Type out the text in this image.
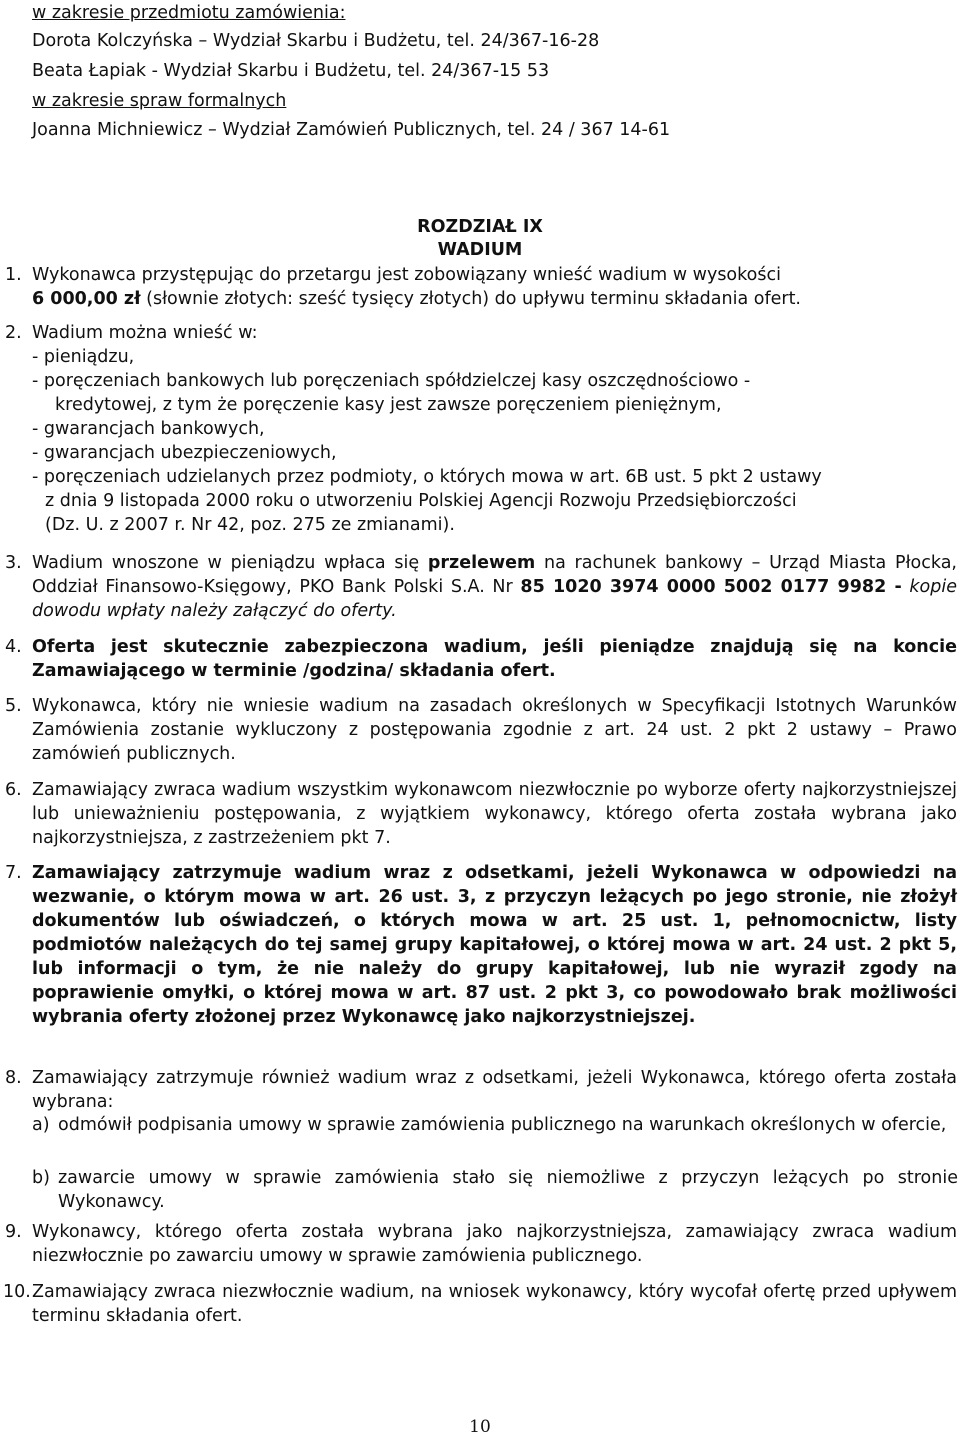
w zakresie przedmiotu zamówienia:
Dorota Kolczyńska – Wydział Skarbu i Budżetu, tel. 24/367-16-28
Beata Łapiak - Wydział Skarbu i Budżetu, tel. 24/367-15 53
w zakresie spraw formalnych
Joanna Michniewicz – Wydział Zamówień Publicznych, tel. 24 / 367 14-61
ROZDZIAŁ IX
WADIUM
1. Wykonawca przystępując do przetargu jest zobowiązany wnieść wadium w wysokości
6 000,00 zł (słownie złotych: sześć tysięcy złotych) do upływu terminu składania ofert.
2. Wadium można wnieść w:
- pieniądzu,
- poręczeniach bankowych lub poręczeniach spółdzielczej kasy oszczędnościowo -
kredytowej, z tym że poręczenie kasy jest zawsze poręczeniem pieniężnym,
- gwarancjach bankowych,
- gwarancjach ubezpieczeniowych,
- poręczeniach udzielanych przez podmioty, o których mowa w art. 6B ust. 5 pkt 2 ustawy
z dnia 9 listopada 2000 roku o utworzeniu Polskiej Agencji Rozwoju Przedsiębiorczości
(Dz. U. z 2007 r. Nr 42, poz. 275 ze zmianami).
3. Wadium wnoszone w pieniądzu wpłaca się przelewem na rachunek bankowy – Urząd Miasta Płocka, Oddział Finansowo-Księgowy, PKO Bank Polski S.A. Nr 85 1020 3974 0000 5002 0177 9982 - kopie dowodu wpłaty należy załączyć do oferty.
4. Oferta jest skutecznie zabezpieczona wadium, jeśli pieniądze znajdują się na koncie Zamawiającego w terminie /godzina/ składania ofert.
5. Wykonawca, który nie wniesie wadium na zasadach określonych w Specyfikacji Istotnych Warunków Zamówienia zostanie wykluczony z postępowania zgodnie z art. 24 ust. 2 pkt 2 ustawy – Prawo zamówień publicznych.
6. Zamawiający zwraca wadium wszystkim wykonawcom niezwłocznie po wyborze oferty najkorzystniejszej lub unieważnieniu postępowania, z wyjątkiem wykonawcy, którego oferta została wybrana jako najkorzystniejsza, z zastrzeżeniem pkt 7.
7. Zamawiający zatrzymuje wadium wraz z odsetkami, jeżeli Wykonawca w odpowiedzi na wezwanie, o którym mowa w art. 26 ust. 3, z przyczyn leżących po jego stronie, nie złożył dokumentów lub oświadczeń, o których mowa w art. 25 ust. 1, pełnomocnictw, listy podmiotów należących do tej samej grupy kapitałowej, o której mowa w art. 24 ust. 2 pkt 5, lub informacji o tym, że nie należy do grupy kapitałowej, lub nie wyraził zgody na poprawienie omyłki, o której mowa w art. 87 ust. 2 pkt 3, co powodowało brak możliwości wybrania oferty złożonej przez Wykonawcę jako najkorzystniejszej.
8. Zamawiający zatrzymuje również wadium wraz z odsetkami, jeżeli Wykonawca, którego oferta została wybrana:
a) odmówił podpisania umowy w sprawie zamówienia publicznego na warunkach określonych w ofercie,
b) zawarcie umowy w sprawie zamówienia stało się niemożliwe z przyczyn leżących po stronie Wykonawcy.
9. Wykonawcy, którego oferta została wybrana jako najkorzystniejsza, zamawiający zwraca wadium niezwłocznie po zawarciu umowy w sprawie zamówienia publicznego.
10. Zamawiający zwraca niezwłocznie wadium, na wniosek wykonawcy, który wycofał ofertę przed upływem terminu składania ofert.
10
